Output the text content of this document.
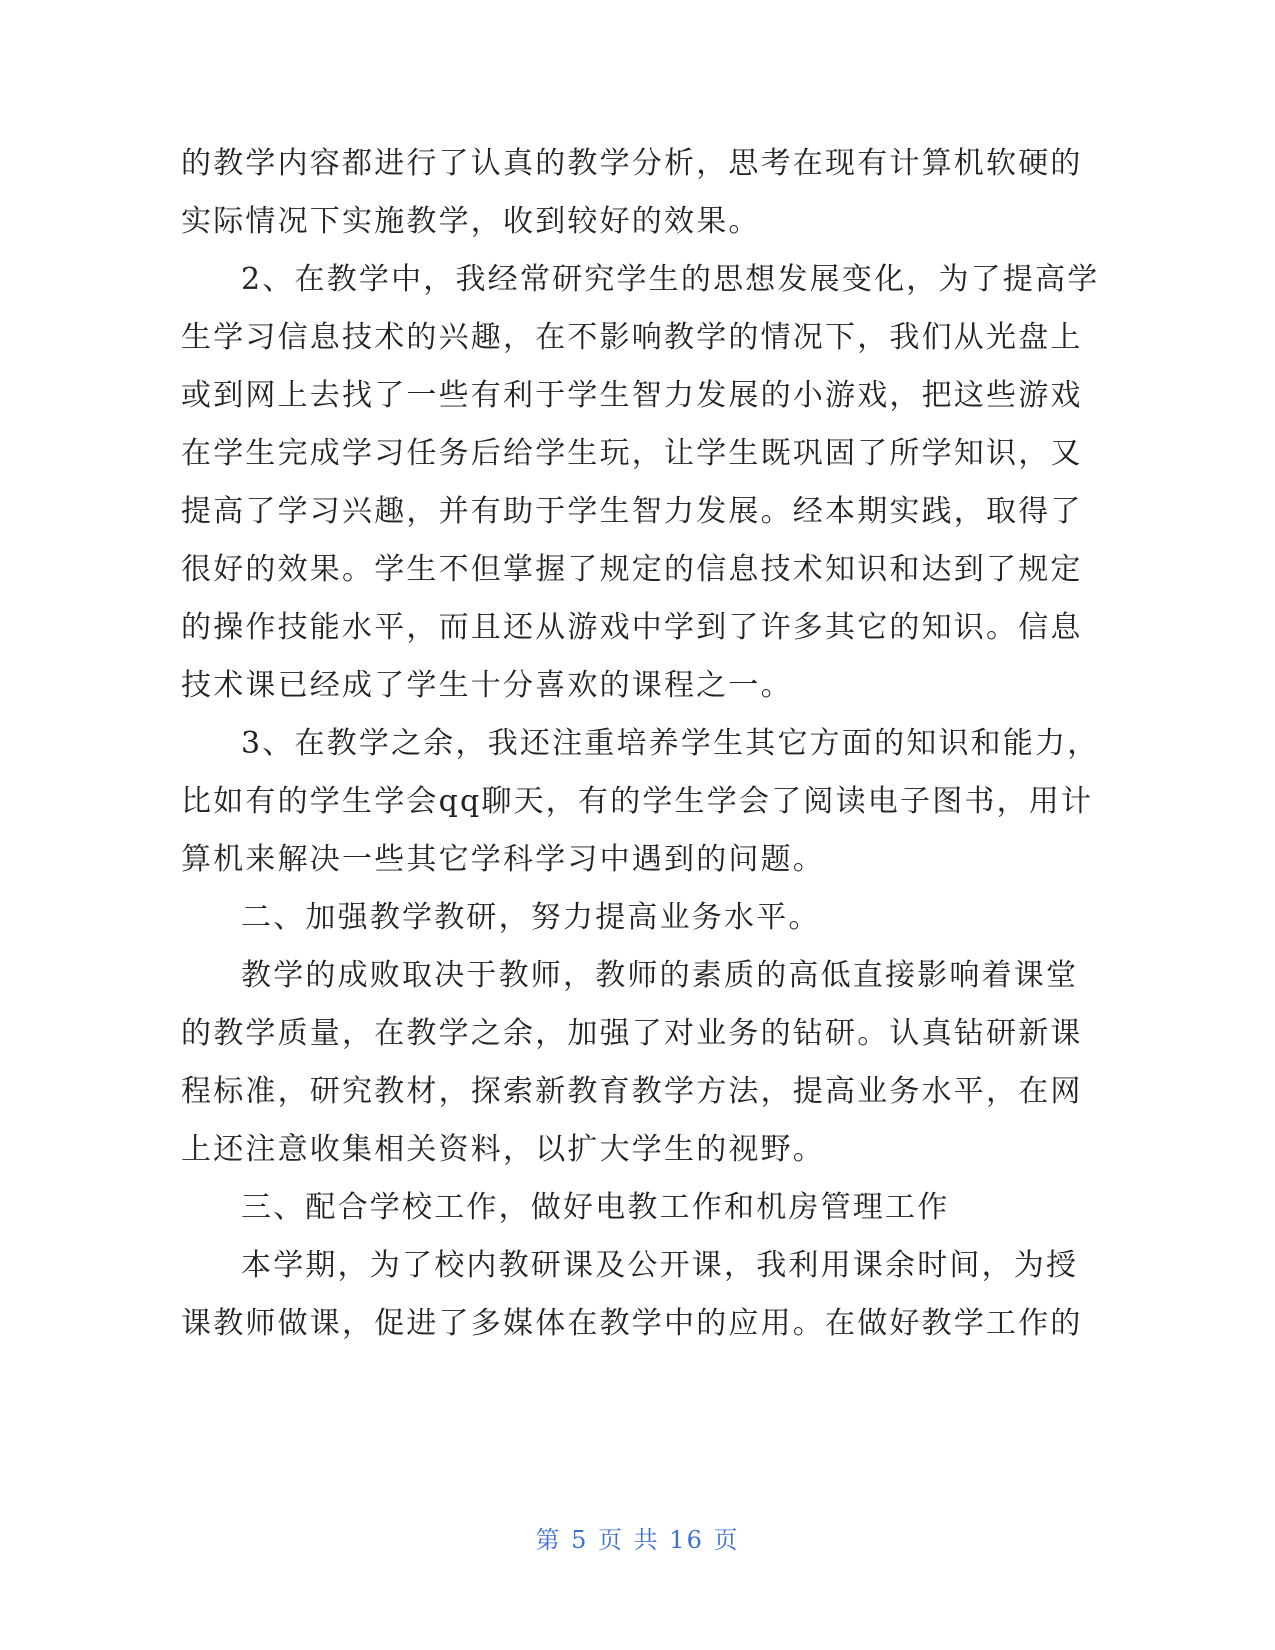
的教学内容都进行了认真的教学分析，思考在现有计算机软硬的
实际情况下实施教学，收到较好的效果。
2、在教学中，我经常研究学生的思想发展变化，为了提高学
生学习信息技术的兴趣，在不影响教学的情况下，我们从光盘上
或到网上去找了一些有利于学生智力发展的小游戏，把这些游戏
在学生完成学习任务后给学生玩，让学生既巩固了所学知识，又
提高了学习兴趣，并有助于学生智力发展。经本期实践，取得了
很好的效果。学生不但掌握了规定的信息技术知识和达到了规定
的操作技能水平，而且还从游戏中学到了许多其它的知识。信息
技术课已经成了学生十分喜欢的课程之一。
3、在教学之余，我还注重培养学生其它方面的知识和能力，
比如有的学生学会qq聊天，有的学生学会了阅读电子图书，用计
算机来解决一些其它学科学习中遇到的问题。
二、加强教学教研，努力提高业务水平。
教学的成败取决于教师，教师的素质的高低直接影响着课堂
的教学质量，在教学之余，加强了对业务的钻研。认真钻研新课
程标准，研究教材，探索新教育教学方法，提高业务水平，在网
上还注意收集相关资料，以扩大学生的视野。
三、配合学校工作，做好电教工作和机房管理工作
本学期，为了校内教研课及公开课，我利用课余时间，为授
课教师做课，促进了多媒体在教学中的应用。在做好教学工作的
第 5 页 共 16 页
